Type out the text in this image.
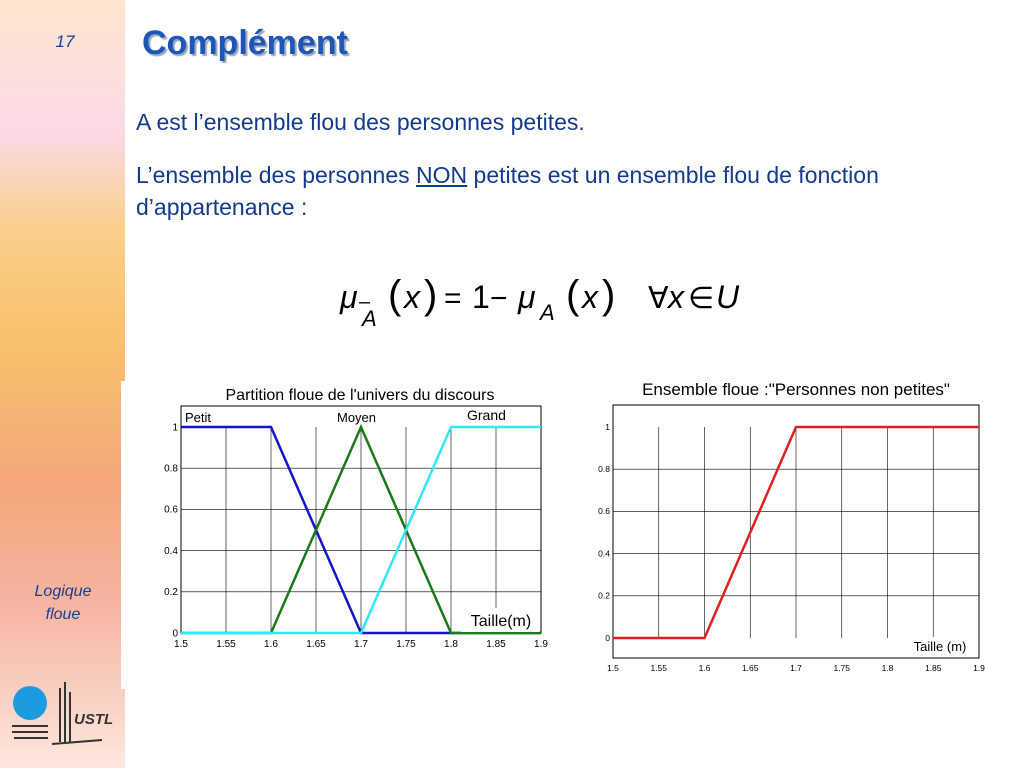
17
Logique
floue
USTL
Complément
A est l’ensemble flou des personnes petites.
L’ensemble des personnes NON petites est un ensemble flou de fonction d’appartenance :
μ –
A
( x ) = 1 − μ A ( x ) ∀ x ∈ U
Partition floue de l'univers du discours
1.5	1.55	1.6	1.65	1.7	1.75	1.8	1.85	1.9
0
0.2
0.4
0.6
0.8
1
Petit	Moyen	Grand
Taille(m)
Ensemble floue :"Personnes non petites"
1.5	1.55	1.6	1.65	1.7	1.75	1.8	1.85	1.9
0
0.2
0.4
0.6
0.8
1
Taille (m)
